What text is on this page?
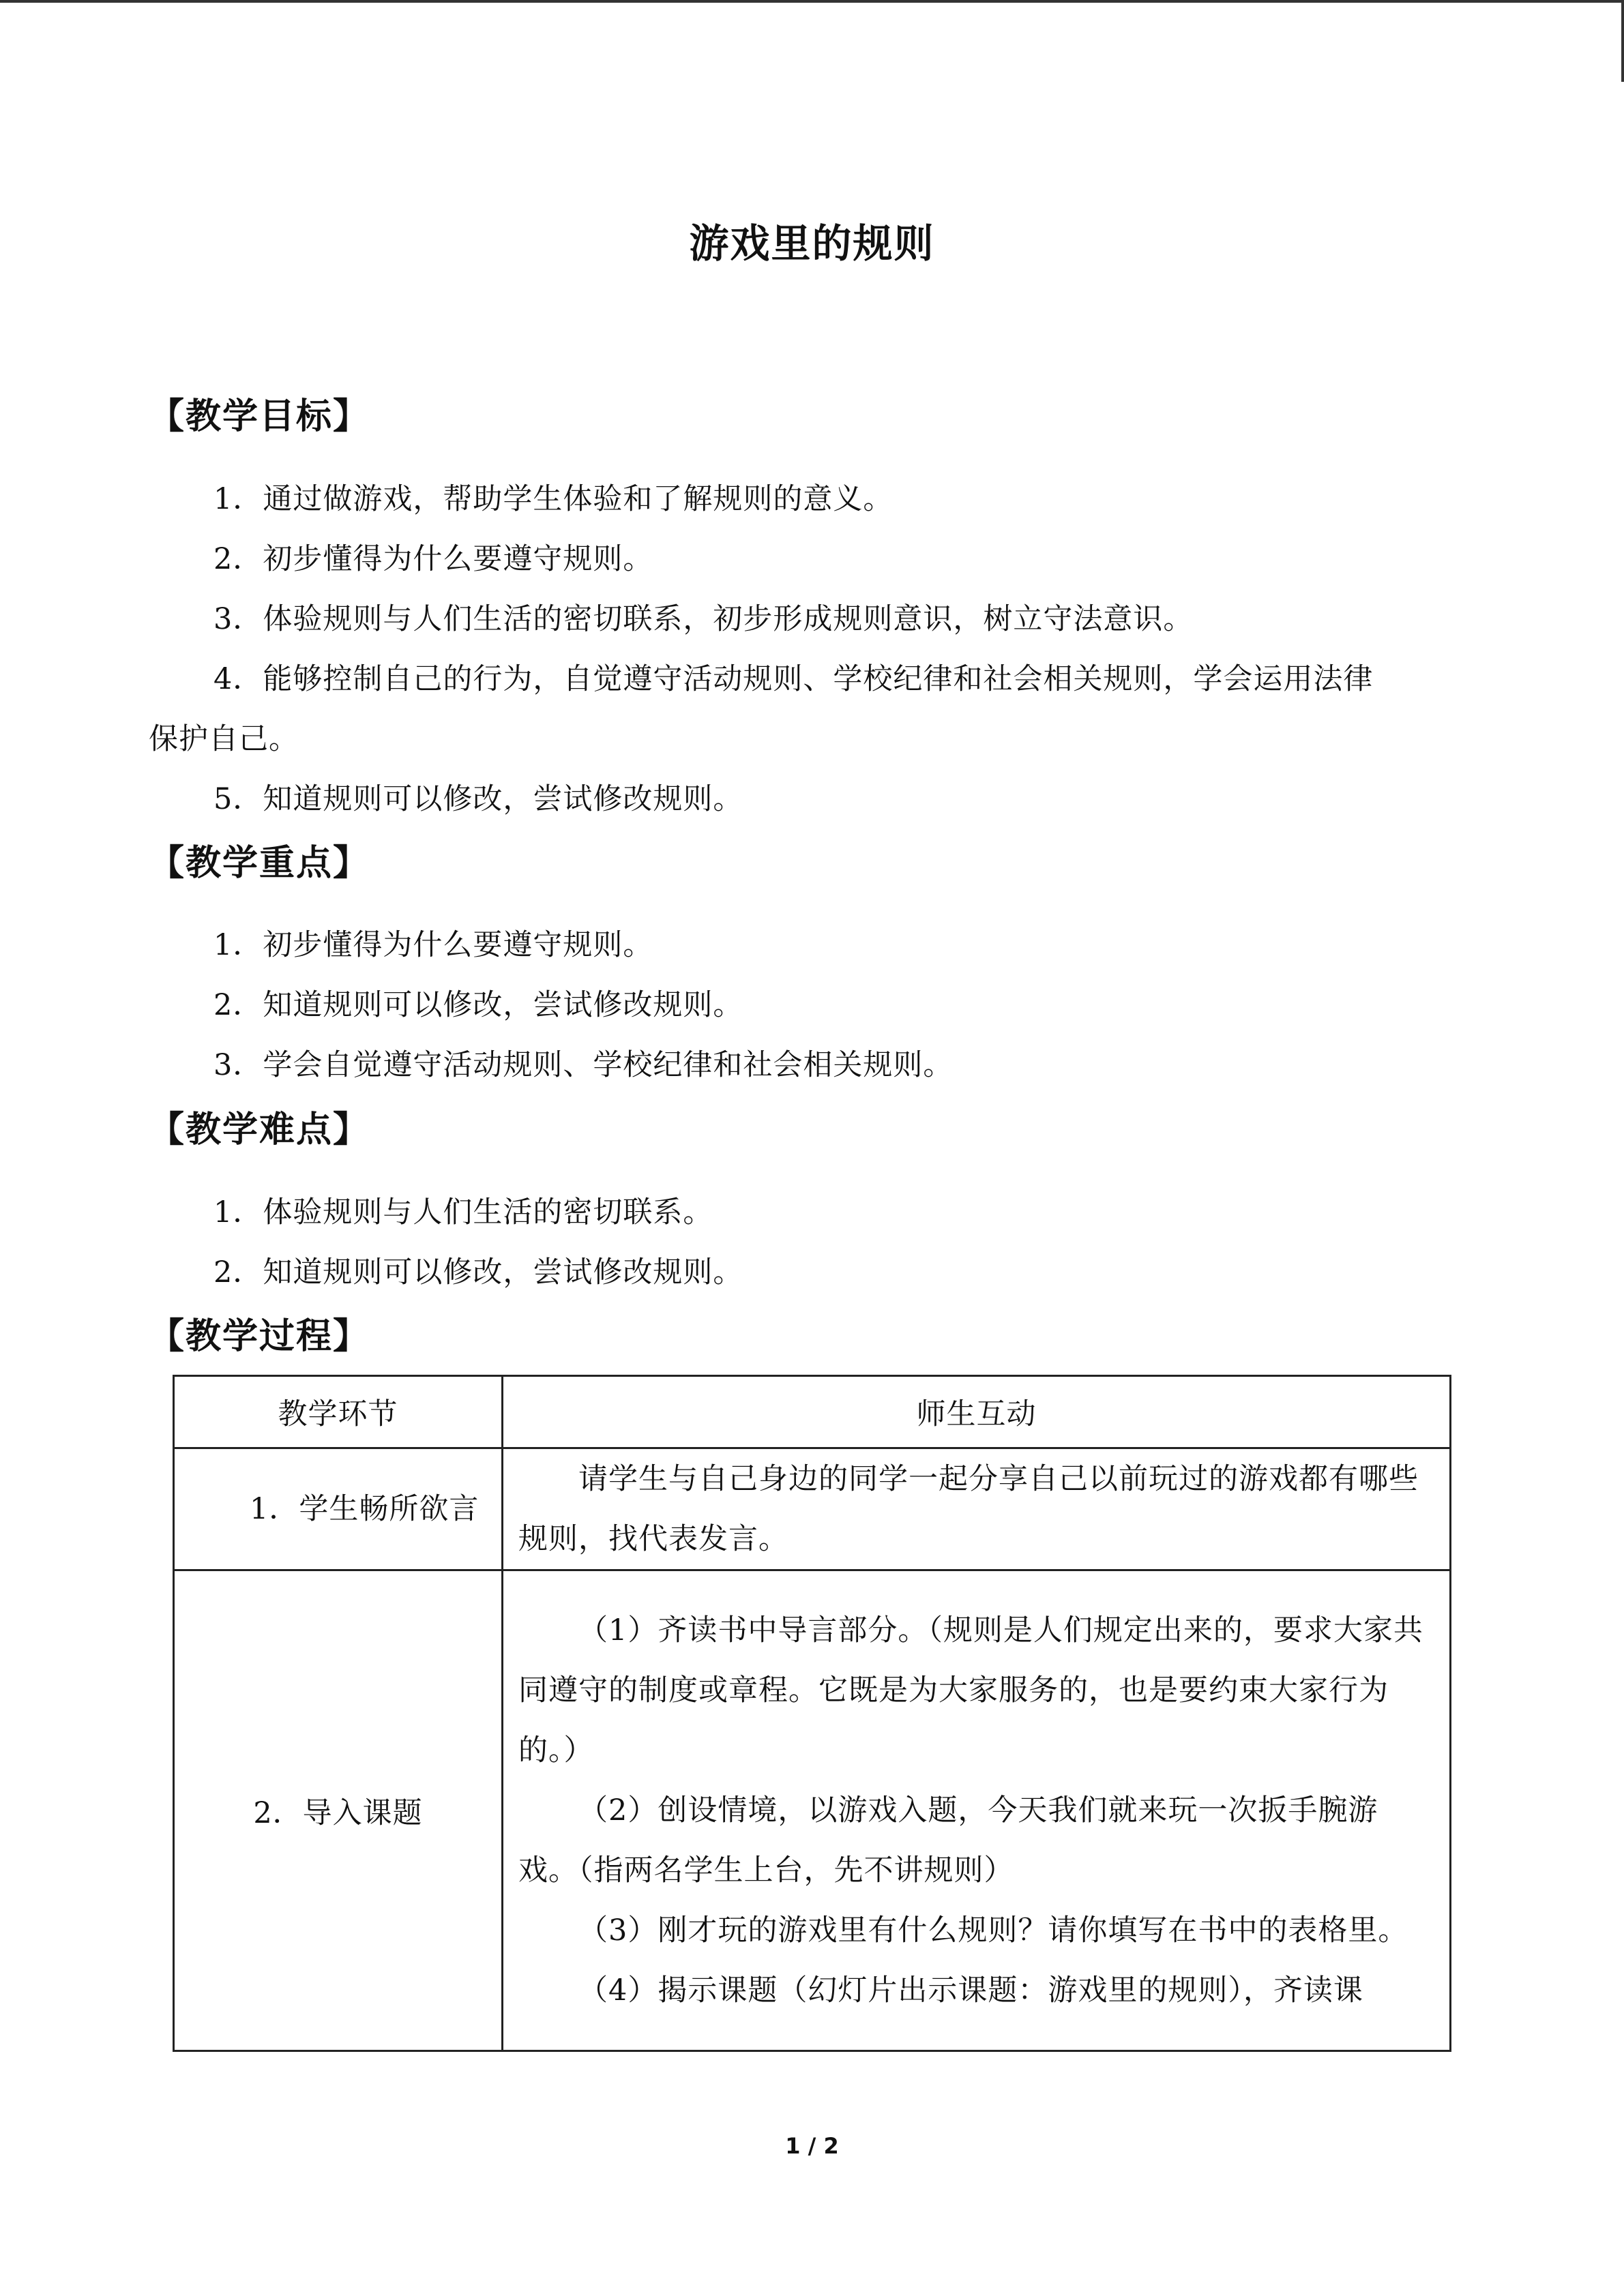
游戏里的规则
【教学目标】
1．通过做游戏，帮助学生体验和了解规则的意义。
2．初步懂得为什么要遵守规则。
3．体验规则与人们生活的密切联系，初步形成规则意识，树立守法意识。
4．能够控制自己的行为，自觉遵守活动规则、学校纪律和社会相关规则，学会运用法律
保护自己。
5．知道规则可以修改，尝试修改规则。
【教学重点】
1．初步懂得为什么要遵守规则。
2．知道规则可以修改，尝试修改规则。
3．学会自觉遵守活动规则、学校纪律和社会相关规则。
【教学难点】
1．体验规则与人们生活的密切联系。
2．知道规则可以修改，尝试修改规则。
【教学过程】
教学环节	师生互动

1．学生畅所欲言	请学生与自己身边的同学一起分享自己以前玩过的游戏都有哪些规则，找代表发言。

2．导入课题	（1）齐读书中导言部分。（规则是人们规定出来的，要求大家共同遵守的制度或章程。它既是为大家服务的，也是要约束大家行为的。）

（2）创设情境，以游戏入题，今天我们就来玩一次扳手腕游戏。（指两名学生上台，先不讲规则）

（3）刚才玩的游戏里有什么规则？请你填写在书中的表格里。

（4）揭示课题（幻灯片出示课题：游戏里的规则），齐读课

1 / 2
